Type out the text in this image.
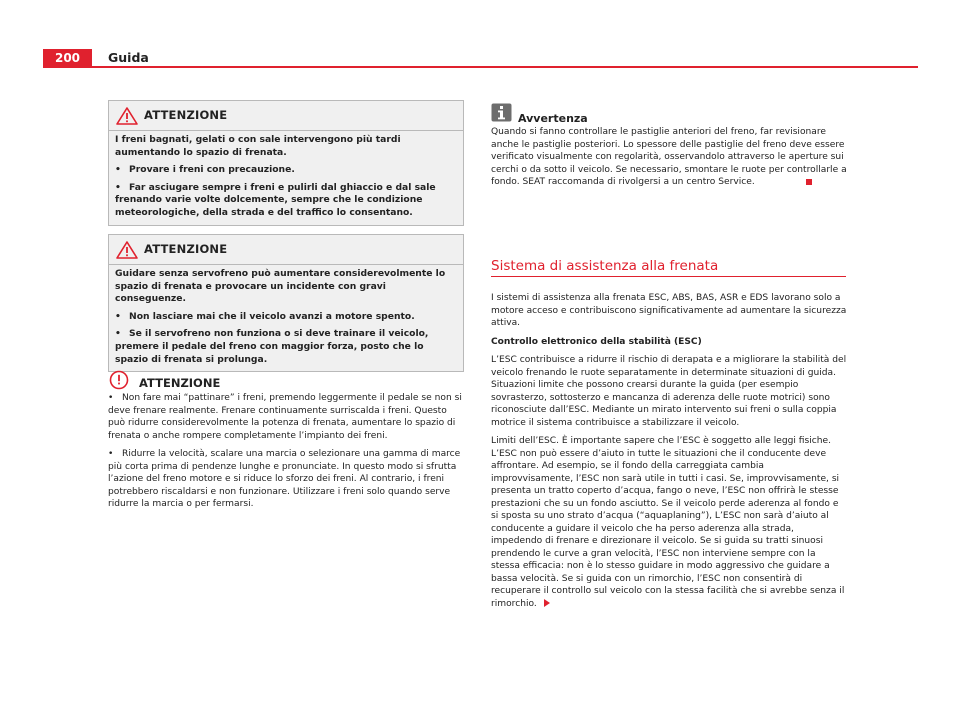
200	Guida
ATTENZIONE

I freni bagnati, gelati o con sale intervengono più tardi aumentando lo spazio di frenata.

• Provare i freni con precauzione.

• Far asciugare sempre i freni e pulirli dal ghiaccio e dal sale frenando varie volte dolcemente, sempre che le condizione meteorologiche, della strada e del traffico lo consentano.

ATTENZIONE

Guidare senza servofreno può aumentare considerevolmente lo spazio di frenata e provocare un incidente con gravi conseguenze.

• Non lasciare mai che il veicolo avanzi a motore spento.

• Se il servofreno non funziona o si deve trainare il veicolo, premere il pedale del freno con maggior forza, posto che lo spazio di frenata si prolunga.

ATTENZIONE

• Non fare mai “pattinare” i freni, premendo leggermente il pedale se non si deve frenare realmente. Frenare continuamente surriscalda i freni. Questo può ridurre considerevolmente la potenza di frenata, aumentare lo spazio di frenata o anche rompere completamente l’impianto dei freni.

• Ridurre la velocità, scalare una marcia o selezionare una gamma di marce più corta prima di pendenze lunghe e pronunciate. In questo modo si sfrutta l’azione del freno motore e si riduce lo sforzo dei freni. Al contrario, i freni potrebbero riscaldarsi e non funzionare. Utilizzare i freni solo quando serve ridurre la marcia o per fermarsi.

Avvertenza

Quando si fanno controllare le pastiglie anteriori del freno, far revisionare anche le pastiglie posteriori. Lo spessore delle pastiglie del freno deve essere verificato visualmente con regolarità, osservandolo attraverso le aperture sui cerchi o da sotto il veicolo. Se necessario, smontare le ruote per controllarle a fondo. SEAT raccomanda di rivolgersi a un centro Service.

Sistema di assistenza alla frenata

I sistemi di assistenza alla frenata ESC, ABS, BAS, ASR e EDS lavorano solo a motore acceso e contribuiscono significativamente ad aumentare la sicurezza attiva.

Controllo elettronico della stabilità (ESC)

L’ESC contribuisce a ridurre il rischio di derapata e a migliorare la stabilità del veicolo frenando le ruote separatamente in determinate situazioni di guida. Situazioni limite che possono crearsi durante la guida (per esempio sovrasterzo, sottosterzo e mancanza di aderenza delle ruote motrici) sono riconosciute dall’ESC. Mediante un mirato intervento sui freni o sulla coppia motrice il sistema contribuisce a stabilizzare il veicolo.

Limiti dell’ESC. È importante sapere che l’ESC è soggetto alle leggi fisiche. L’ESC non può essere d’aiuto in tutte le situazioni che il conducente deve affrontare. Ad esempio, se il fondo della carreggiata cambia improvvisamente, l’ESC non sarà utile in tutti i casi. Se, improvvisamente, si presenta un tratto coperto d’acqua, fango o neve, l’ESC non offrirà le stesse prestazioni che su un fondo asciutto. Se il veicolo perde aderenza al fondo e si sposta su uno strato d’acqua (“aquaplaning”), L’ESC non sarà d’aiuto al conducente a guidare il veicolo che ha perso aderenza alla strada, impedendo di frenare e direzionare il veicolo. Se si guida su tratti sinuosi prendendo le curve a gran velocità, l’ESC non interviene sempre con la stessa efficacia: non è lo stesso guidare in modo aggressivo che guidare a bassa velocità. Se si guida con un rimorchio, l’ESC non consentirà di recuperare il controllo sul veicolo con la stessa facilità che si avrebbe senza il rimorchio.
